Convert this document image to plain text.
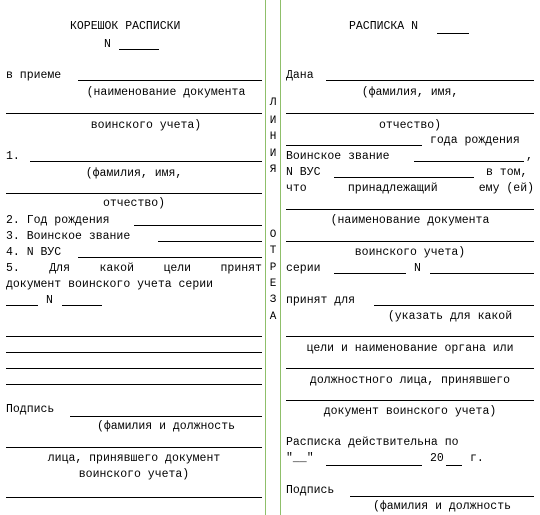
КОРЕШОК РАСПИСКИ
N
в приеме
(наименование документа
воинского учета)
1.
(фамилия, имя,
отчество)
2. Год рождения
3. Воинское звание
4. N ВУС
5.	Для	какой	цели	принят
документ воинского учета серии
N
Подпись
(фамилия и должность
лица, принявшего документ
воинского учета)
Л
И
Н
И
Я
О
Т
Р
Е
З
А
РАСПИСКА N
Дана
(фамилия, имя,
отчество)
года рождения
Воинское звание	,
N ВУС	в том,
что	принадлежащий	ему (ей)
(наименование документа
воинского учета)
серии	N
принят для
(указать для какой
цели и наименование органа или
должностного лица, принявшего
документ воинского учета)
Расписка действительна по
"__"	20 г.
Подпись
(фамилия и должность
